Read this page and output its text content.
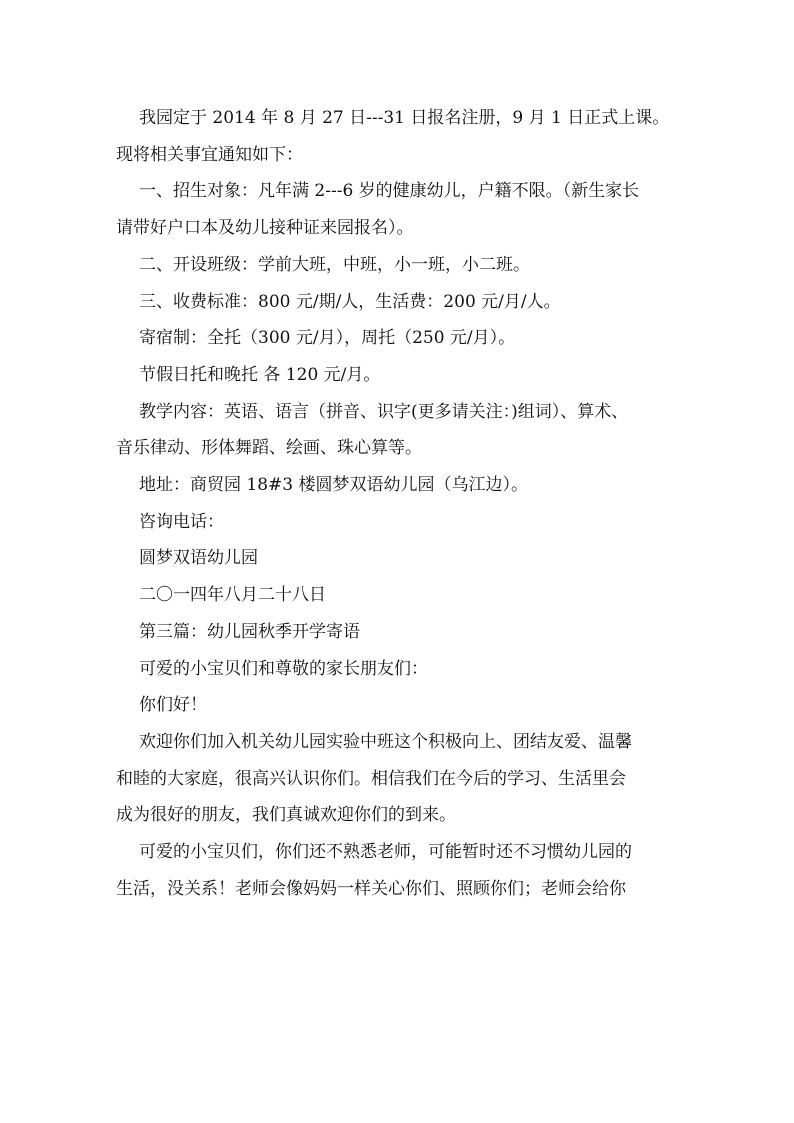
我园定于 2014 年 8 月 27 日---31 日报名注册，9 月 1 日正式上课。
现将相关事宜通知如下：
一、招生对象：凡年满 2---6 岁的健康幼儿，户籍不限。（新生家长
请带好户口本及幼儿接种证来园报名）。

二、开设班级：学前大班，中班，小一班，小二班。

三、收费标准：800 元/期/人，生活费：200 元/月/人。

寄宿制：全托（300 元/月），周托（250 元/月）。

节假日托和晚托 各 120 元/月。

教学内容：英语、语言（拼音、识字(更多请关注：)组词）、算术、
音乐律动、形体舞蹈、绘画、珠心算等。

地址：商贸园 18#3 楼圆梦双语幼儿园（乌江边）。

咨询电话：

圆梦双语幼儿园

二〇一四年八月二十八日

第三篇：幼儿园秋季开学寄语

可爱的小宝贝们和尊敬的家长朋友们：

你们好！

欢迎你们加入机关幼儿园实验中班这个积极向上、团结友爱、温馨
和睦的大家庭，很高兴认识你们。相信我们在今后的学习、生活里会
成为很好的朋友，我们真诚欢迎你们的到来。
可爱的小宝贝们，你们还不熟悉老师，可能暂时还不习惯幼儿园的
生活，没关系！老师会像妈妈一样关心你们、照顾你们；老师会给你
